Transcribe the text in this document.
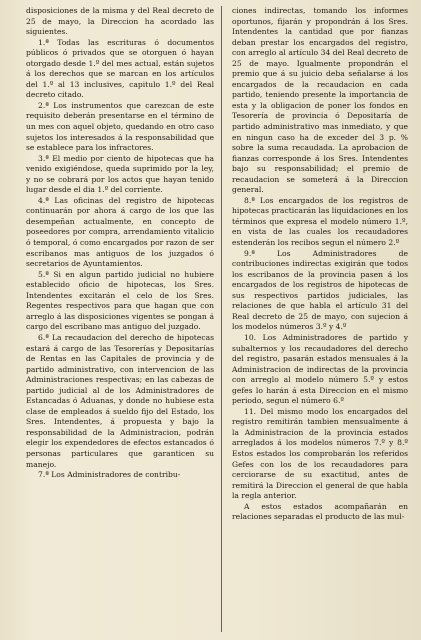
disposiciones de la misma y del Real decreto de 25 de mayo, la Direccion ha acordado las siguientes.

1.ª Todas las escrituras ó documentos públicos ó privados que se otorguen ó hayan otorgado desde 1.º del mes actual, están sujetos á los derechos que se marcan en los artículos del 1.º al 13 inclusives, capitulo 1.º del Real decreto citado.

2.ª Los instrumentos que carezcan de este requisito deberán presentarse en el término de un mes con aquel objeto, quedando en otro caso sujetos los interesados á la responsabilidad que se establece para los infractores.

3.ª El medio por ciento de hipotecas que ha venido exigiéndose, queda suprimido por la ley, y no se cobrará por los actos que hayan tenido lugar desde el dia 1.º del corriente.

4.ª Las oficinas del registro de hipotecas continuarán por ahora á cargo de los que las desempeñan actualmente, en concepto de poseedores por compra, arrendamiento vitalicio ó temporal, ó como encargados por razon de ser escribanos mas antiguos de los juzgados ó secretarios de Ayuntamientos.

5.ª Si en algun partido judicial no hubiere establecido oficio de hipotecas, los Sres. Intendentes excitarán el celo de los Sres. Regentes respectivos para que hagan que con arreglo á las disposiciones vigentes se pongan á cargo del escribano mas antiguo del juzgado.

6.ª La recaudacion del derecho de hipotecas estará á cargo de las Tesorerías y Depositarías de Rentas en las Capitales de provincia y de partido administrativo, con intervencion de las Administraciones respectivas; en las cabezas de partido judicial al de los Administradores de Estancadas ó Aduanas, y donde no hubiese esta clase de empleados á sueldo fijo del Estado, los Sres. Intendentes, á propuesta y bajo la responsabilidad de la Administracion, podrán elegir los expendedores de efectos estancados ó personas particulares que garanticen su manejo.

7.ª Los Administradores de contribu-

ciones indirectas, tomando los informes oportunos, fijarán y propondrán á los Sres. Intendentes la cantidad que por fianzas deban prestar los encargados del registro, con arreglo al artículo 34 del Real decreto de 25 de mayo. Igualmente propondrán el premio que á su juicio deba señalarse á los encargados de la recaudacion en cada partido, teniendo presente la importancia de esta y la obligacion de poner los fondos en Tesorería de provincia ó Depositaría de partido administrativo mas inmediato, y que en ningun caso ha de exceder del 3 p. % sobre la suma recaudada. La aprobacion de fianzas corresponde á los Sres. Intendentes bajo su responsabilidad; el premio de recaudacion se someterá á la Direccion general.

8.ª Los encargados de los registros de hipotecas practicarán las liquidaciones en los términos que expresa el modelo número 1.º, en vista de las cuales los recaudadores estenderán los recibos segun el número 2.º

9.ª Los Administradores de contribuciones indirectas exigirán que todos los escribanos de la provincia pasen á los encargados de los registros de hipotecas de sus respectivos partidos judiciales, las relaciones de que habla el artículo 31 del Real decreto de 25 de mayo, con sujecion á los modelos números 3.º y 4.º

10. Los Administradores de partido y subalternos y los recaudadores del derecho del registro, pasarán estados mensuales á la Administracion de indirectas de la provincia con arreglo al modelo número 5.º y estos gefes lo harán á esta Direccion en el mismo periodo, segun el número 6.º

11. Del mismo modo los encargados del registro remitirán tambien mensualmente á la Administracion de la provincia estados arreglados á los modelos números 7.º y 8.º Estos estados los comprobarán los referidos Gefes con los de los recaudadores para cerciorarse de su exactitud, antes de remitirá la Direccion el general de que habla la regla anterior.

A estos estados acompañarán en relaciones separadas el producto de las mul-
